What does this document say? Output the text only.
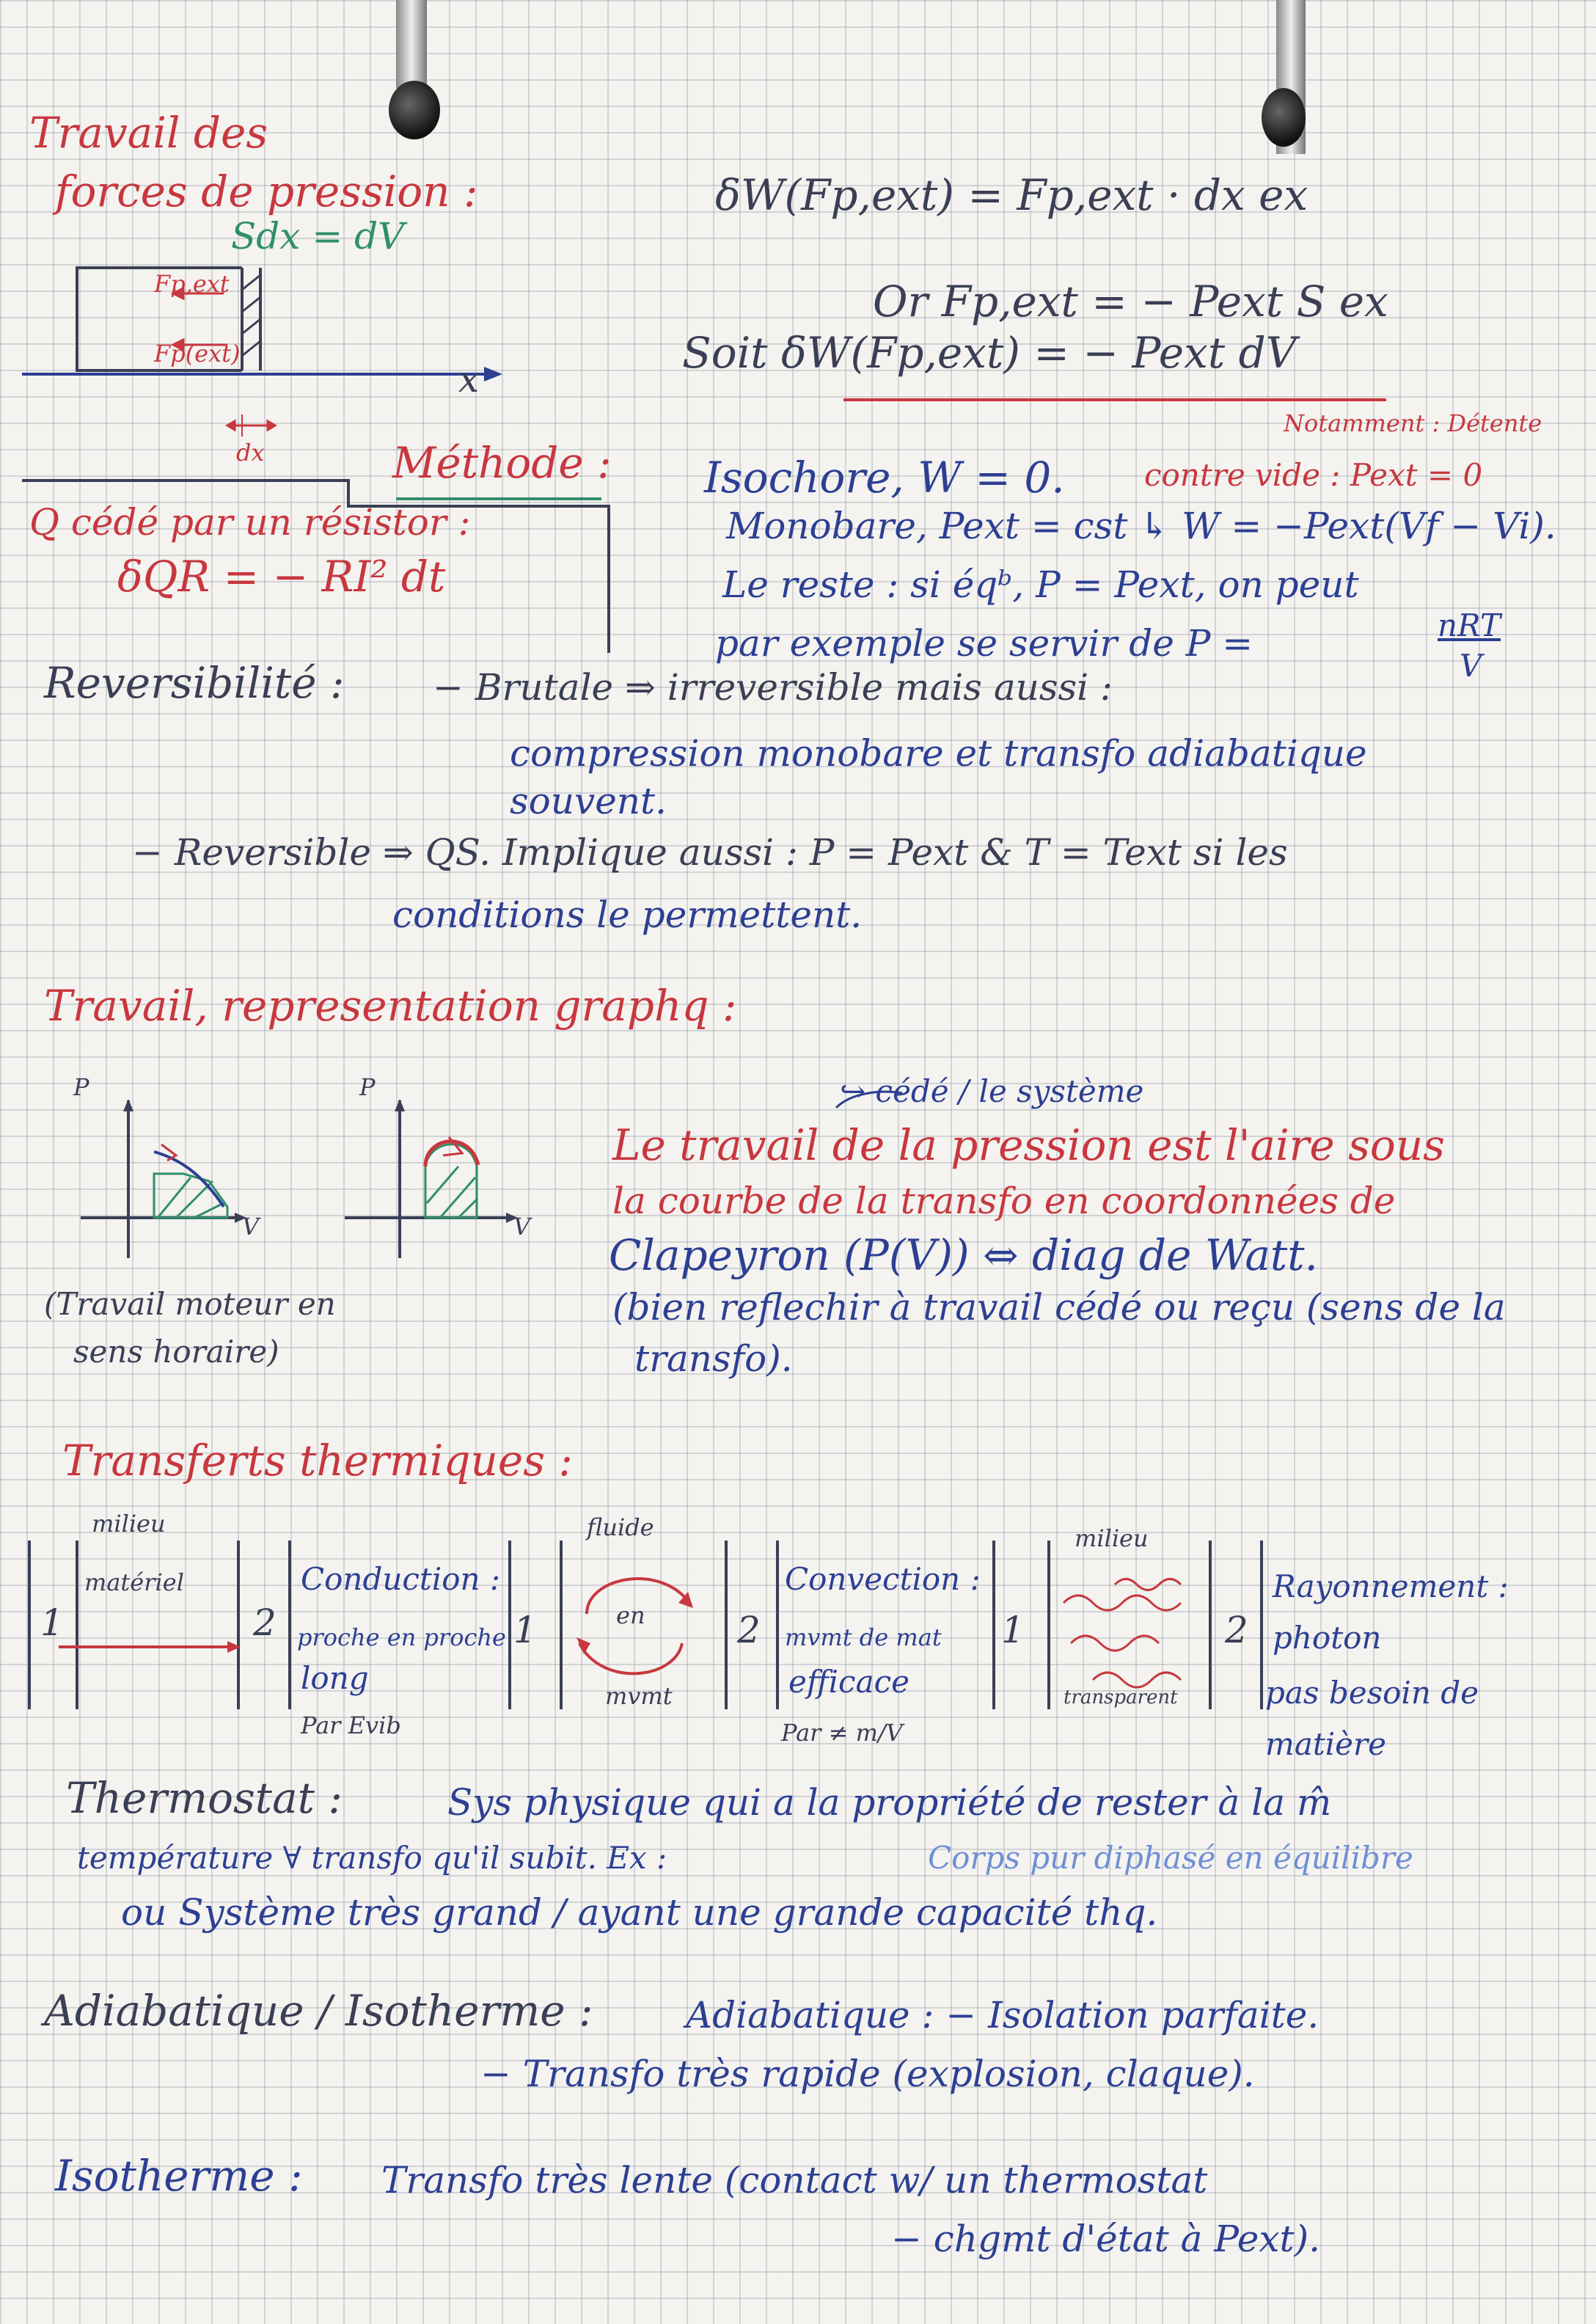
Travail des
forces de pression :
Sdx = dV
Fp,ext
Fp(ext)
x
dx
δW(Fp,ext) = Fp,ext · dx ex
Or Fp,ext = − Pext S ex
Soit δW(Fp,ext) = − Pext dV
Notamment : Détente
Méthode : Isochore, W = 0.	contre vide : Pext = 0
Monobare, Pext = cst ↳ W = −Pext(Vf − Vi).
Le reste : si éqᵇ, P = Pext, on peut
par exemple se servir de P =	nRT
V
Q cédé par un résistor :
δQR = − RI² dt
Reversibilité : − Brutale ⇒ irreversible mais aussi :
compression monobare et transfo adiabatique
souvent.
− Reversible ⇒ QS. Implique aussi : P = Pext & T = Text si les
conditions le permettent.
Travail, representation graphq :
P
V
P
V
(Travail moteur en
sens horaire)
↪ cédé / le système
Le travail de la pression est l'aire sous
la courbe de la transfo en coordonnées de
Clapeyron (P(V)) ⇔ diag de Watt.
(bien reflechir à travail cédé ou reçu (sens de la
transfo).
Transferts thermiques :
milieu
matériel
1	2
Conduction :
proche en proche
long
Par Evib
fluide
1	en
mvmt
2
Convection :
mvmt de mat
efficace
Par ≠ m/V
milieu
1
transparent
2
Rayonnement :
photon
pas besoin de
matière
Thermostat :	Sys physique qui a la propriété de rester à la m̂
température ∀ transfo qu'il subit. Ex :	Corps pur diphasé en équilibre
ou Système très grand / ayant une grande capacité thq.
Adiabatique / Isotherme :	Adiabatique : − Isolation parfaite.
− Transfo très rapide (explosion, claque).
Isotherme : Transfo très lente (contact w/ un thermostat
− chgmt d'état à Pext).
